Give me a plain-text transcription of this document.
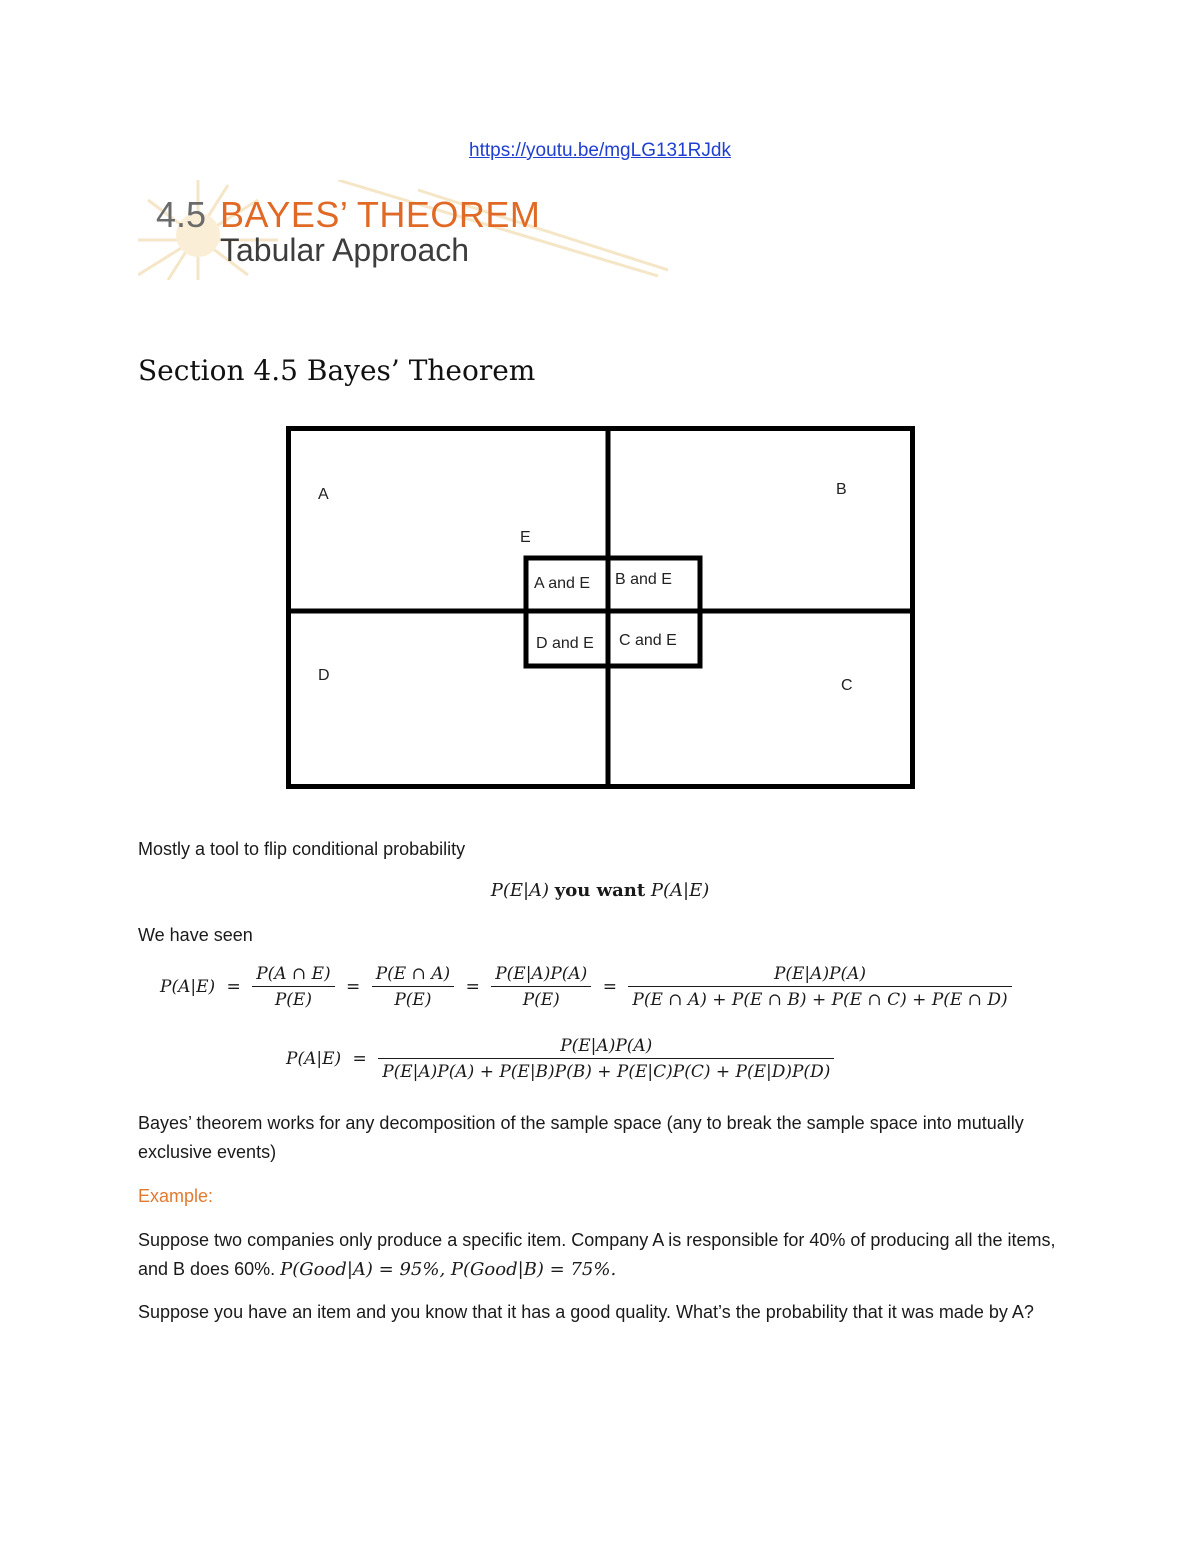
https://youtu.be/mgLG131RJdk
4.5 BAYES’ THEOREM
Tabular Approach
Section 4.5 Bayes’ Theorem
A	B
C
D
E
A and E B and E
D and E C and E
Mostly a tool to flip conditional probability
P(E|A) you want P(A|E)
We have seen
$P(A|E) = \frac{P(A \cap E)}{P(E)} = \frac{P(E \cap A)}{P(E)} = \frac{P(E|A)P(A)}{P(E)} = \frac{P(E|A)P(A)}{P(E \cap A) + P(E \cap B) + P(E \cap C) + P(E \cap D)}$
$P(A|E) = \frac{P(E|A)P(A)}{P(E|A)P(A) + P(E|B)P(B) + P(E|C)P(C) + P(E|D)P(D)}$
Bayes’ theorem works for any decomposition of the sample space (any to break the sample space into mutually exclusive events)
Example:
Suppose two companies only produce a specific item. Company A is responsible for 40% of producing all the items, and B does 60%. P(Good|A) = 95%, P(Good|B) = 75%.
Suppose you have an item and you know that it has a good quality. What’s the probability that it was made by A?
